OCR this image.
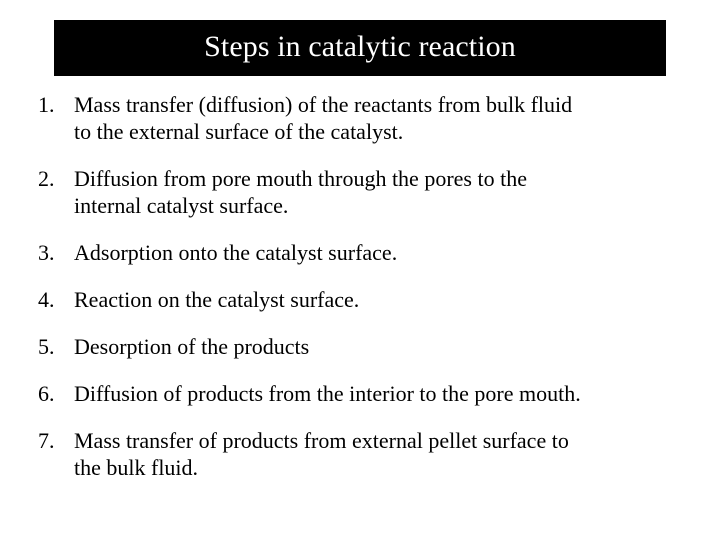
Steps in catalytic reaction
1. Mass transfer (diffusion) of the reactants from bulk fluid
to the external surface of the catalyst.
2. Diffusion from pore mouth through the pores to the
internal catalyst surface.
3. Adsorption onto the catalyst surface.
4. Reaction on the catalyst surface.
5. Desorption of the products
6. Diffusion of products from the interior to the pore mouth.
7. Mass transfer of products from external pellet surface to
the bulk fluid.
